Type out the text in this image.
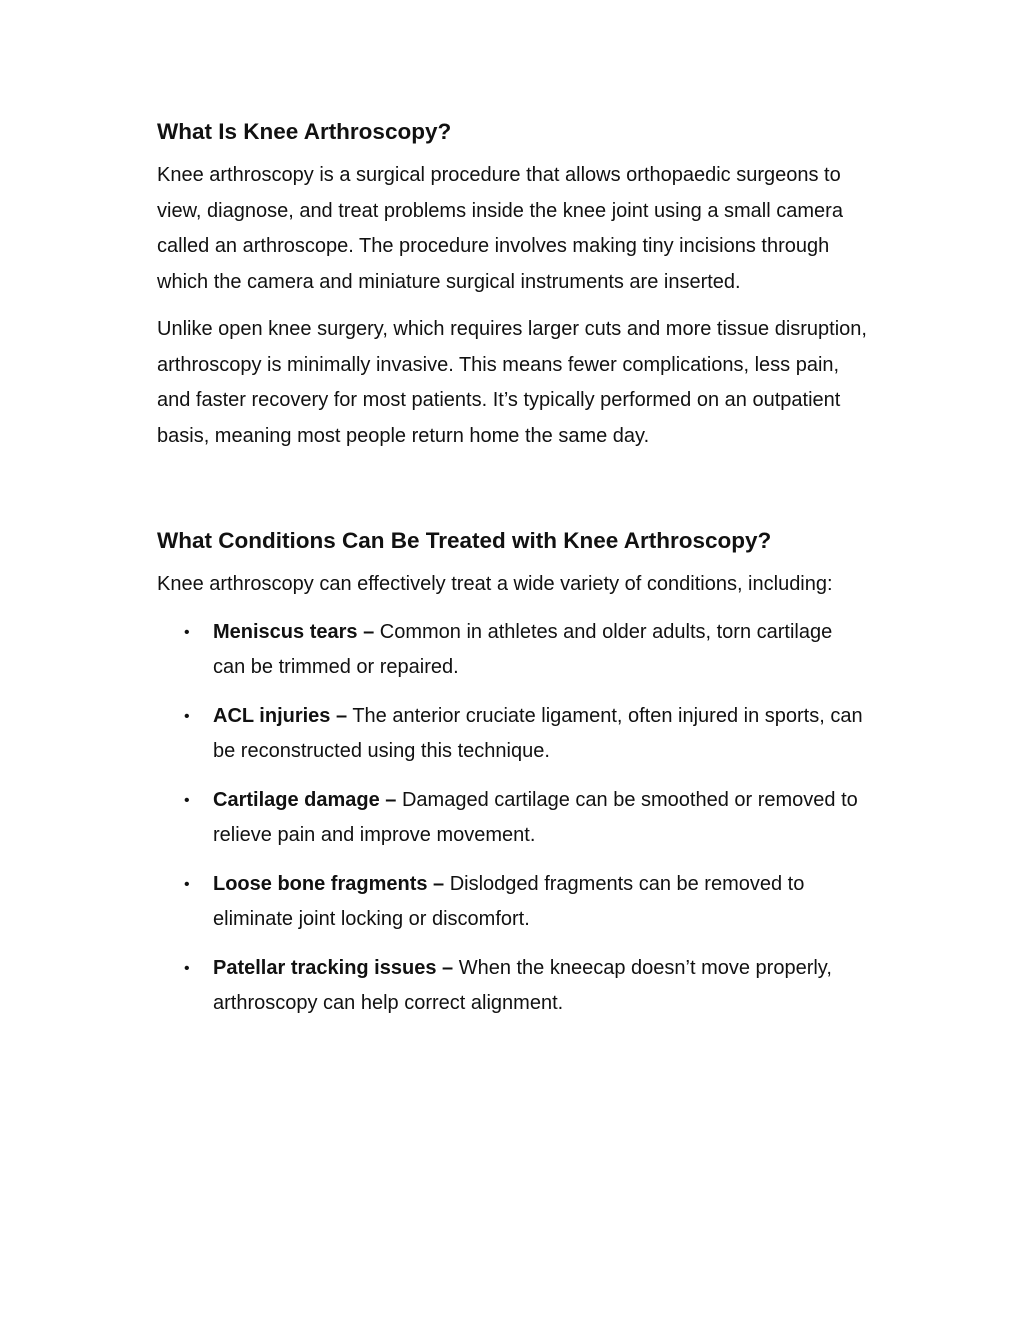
What Is Knee Arthroscopy?

Knee arthroscopy is a surgical procedure that allows orthopaedic surgeons to view, diagnose, and treat problems inside the knee joint using a small camera called an arthroscope. The procedure involves making tiny incisions through which the camera and miniature surgical instruments are inserted.

Unlike open knee surgery, which requires larger cuts and more tissue disruption, arthroscopy is minimally invasive. This means fewer complications, less pain, and faster recovery for most patients. It’s typically performed on an outpatient basis, meaning most people return home the same day.

What Conditions Can Be Treated with Knee Arthroscopy?

Knee arthroscopy can effectively treat a wide variety of conditions, including:

• Meniscus tears – Common in athletes and older adults, torn cartilage can be trimmed or repaired.
• ACL injuries – The anterior cruciate ligament, often injured in sports, can be reconstructed using this technique.
• Cartilage damage – Damaged cartilage can be smoothed or removed to relieve pain and improve movement.
• Loose bone fragments – Dislodged fragments can be removed to eliminate joint locking or discomfort.
• Patellar tracking issues – When the kneecap doesn’t move properly, arthroscopy can help correct alignment.
